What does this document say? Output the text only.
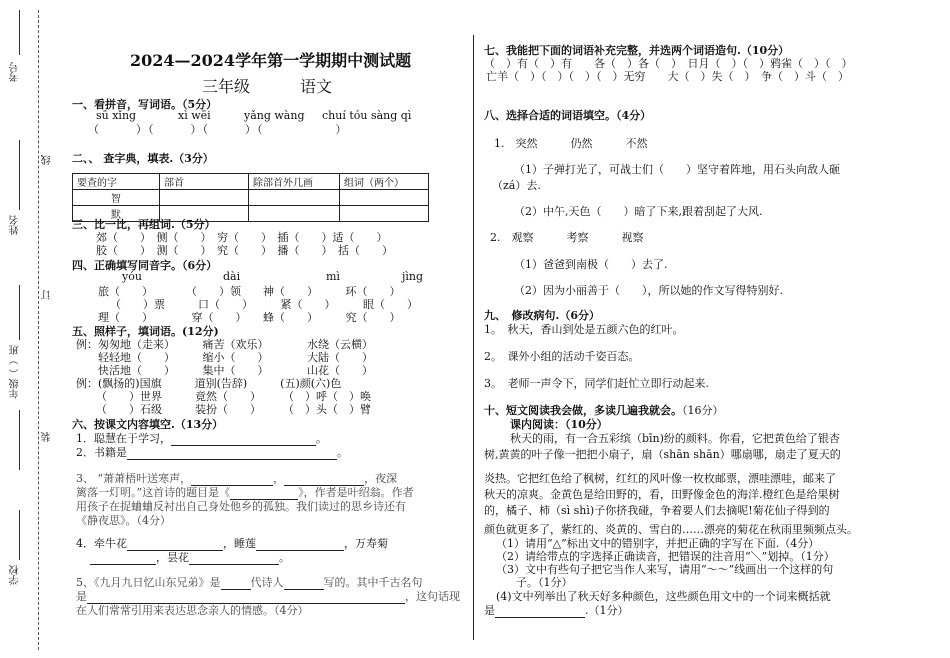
考号
姓名
年级（ ）班
学校
线
订
装
2024—2024学年第一学期期中测试题
三年级	语文
一、看拼音，写词语。（5分）
sū xǐng	xì wēi	yǎng wàng chuí tóu sàng qì
（　　　）（　　　）（　　　）（　　　　　　）
二、、 查字典，填表.（3分）
要查的字	部首	除部首外几画	组词（两个）
智			
默			
三、比一比，再组词.（5分）
郊（　　）　侧（　　）　穷（　　）　插（　　）适（　　）
胶（　　）　测（　　）　究（　　）　播（　　）　括（　　）
四、正确填写同音字。（6分）
yóu	dài	mì	jìng
旅（　　）　　　　（　　）领　　神（　　）　　　环（　　）
（　　）票　　　口（　　）　　　紧（　　）　　　眼（　　）
理（　　）　　　　穿（　　）　　蜂（　　）　　　究（　　）
五、照样子，填词语。(12分)
例：匆匆地（走来）　　　痛苦（欢乐）　　　　水绕（云横）
轻轻地（　　）　　　缩小（　　）　　　　大陆（　　）
快活地（　　）　　　集中（　　）　　　　山花（　　）
例：(飘扬的)国旗　　　道别(告辞)　　　(五)颜(六)色
（　　）世界　　　竟然（　　）　　　（　）呼（　）唤
（　　）石级　　　装扮（　　）　　　（　）头（　）臂
六、按课文内容填空.（13分）
1．聪慧在于学习，	。
2．书籍是	。
3、 “萧萧梧叶送寒声，	，	，夜深
篱落一灯明。”这首诗的题目是《	》，作者是叶绍翁。作者
用孩子在捉蛐蛐反衬出自己身处他乡的孤独。我们读过的思乡诗还有
《静夜思》。（4分）
4．牵牛花	，睡莲	，万寿菊
，昙花	。
5、《九月九日忆山东兄弟》是	代诗人	写的。其中千古名句
是	，这句话现
在人们常常引用来表达思念亲人的情感。（4分）
七、我能把下面的词语补充完整，并选两个词语造句.（10分）
（　）有（　）有　　各（　）各（　）　日月（　）（　）鸦雀（　）（　）
亡羊（　）（　）（　）（　）无穷　　大（　）失（　）　争（　）斗（　）
八、选择合适的词语填空。（4分）
1.　突然　　　仍然　　　不然
（1）子弹打光了，可战士们（　　）坚守着阵地，用石头向敌人砸
（zá）去.
（2）中午,天色（　　）暗了下来,跟着刮起了大风.
2.　观察　　　考察　　　视察
（1）爸爸到南极（　　）去了.
（2）因为小丽善于（　　），所以她的作文写得特别好.
九、　修改病句.（6分）
1。　秋天，香山到处是五颜六色的红叶。
2。　课外小组的活动千姿百态。
3。　老师一声令下，同学们赶忙立即行动起来.
十、短文阅读我会做，多读几遍我就会。（16分）
课内阅读：（10分）
秋天的雨，有一合五彩缤（bīn)纷的颜料。你看，它把黄色给了银杏
树,黄黄的叶子像一把把小扇子，扇（shān shān）哪扇哪，扇走了夏天的
炎热。它把红色给了枫树，红红的风叶像一枚枚邮票，漂哇漂哇，邮来了
秋天的凉爽。金黄色是给田野的，看，田野像金色的海洋.橙红色是给果树
的，橘子、柿（sì shì)子你挤我碰，争着要人们去摘呢!菊花仙子得到的
颜色就更多了，紫红的、炎黄的、雪白的……漂亮的菊花在秋雨里频频点头。
（1）请用“△”标出文中的错别字，并把正确的字写在下面.（4分）
（2）请给带点的字选择正确读音，把错误的注音用“＼”划掉。（1分）
（3）文中有些句子把它当作人来写，请用“～～”线画出一个这样的句
子。（1分）
(4)文中列举出了秋天好多种颜色，这些颜色用文中的一个词来概括就
是	.（1分）
